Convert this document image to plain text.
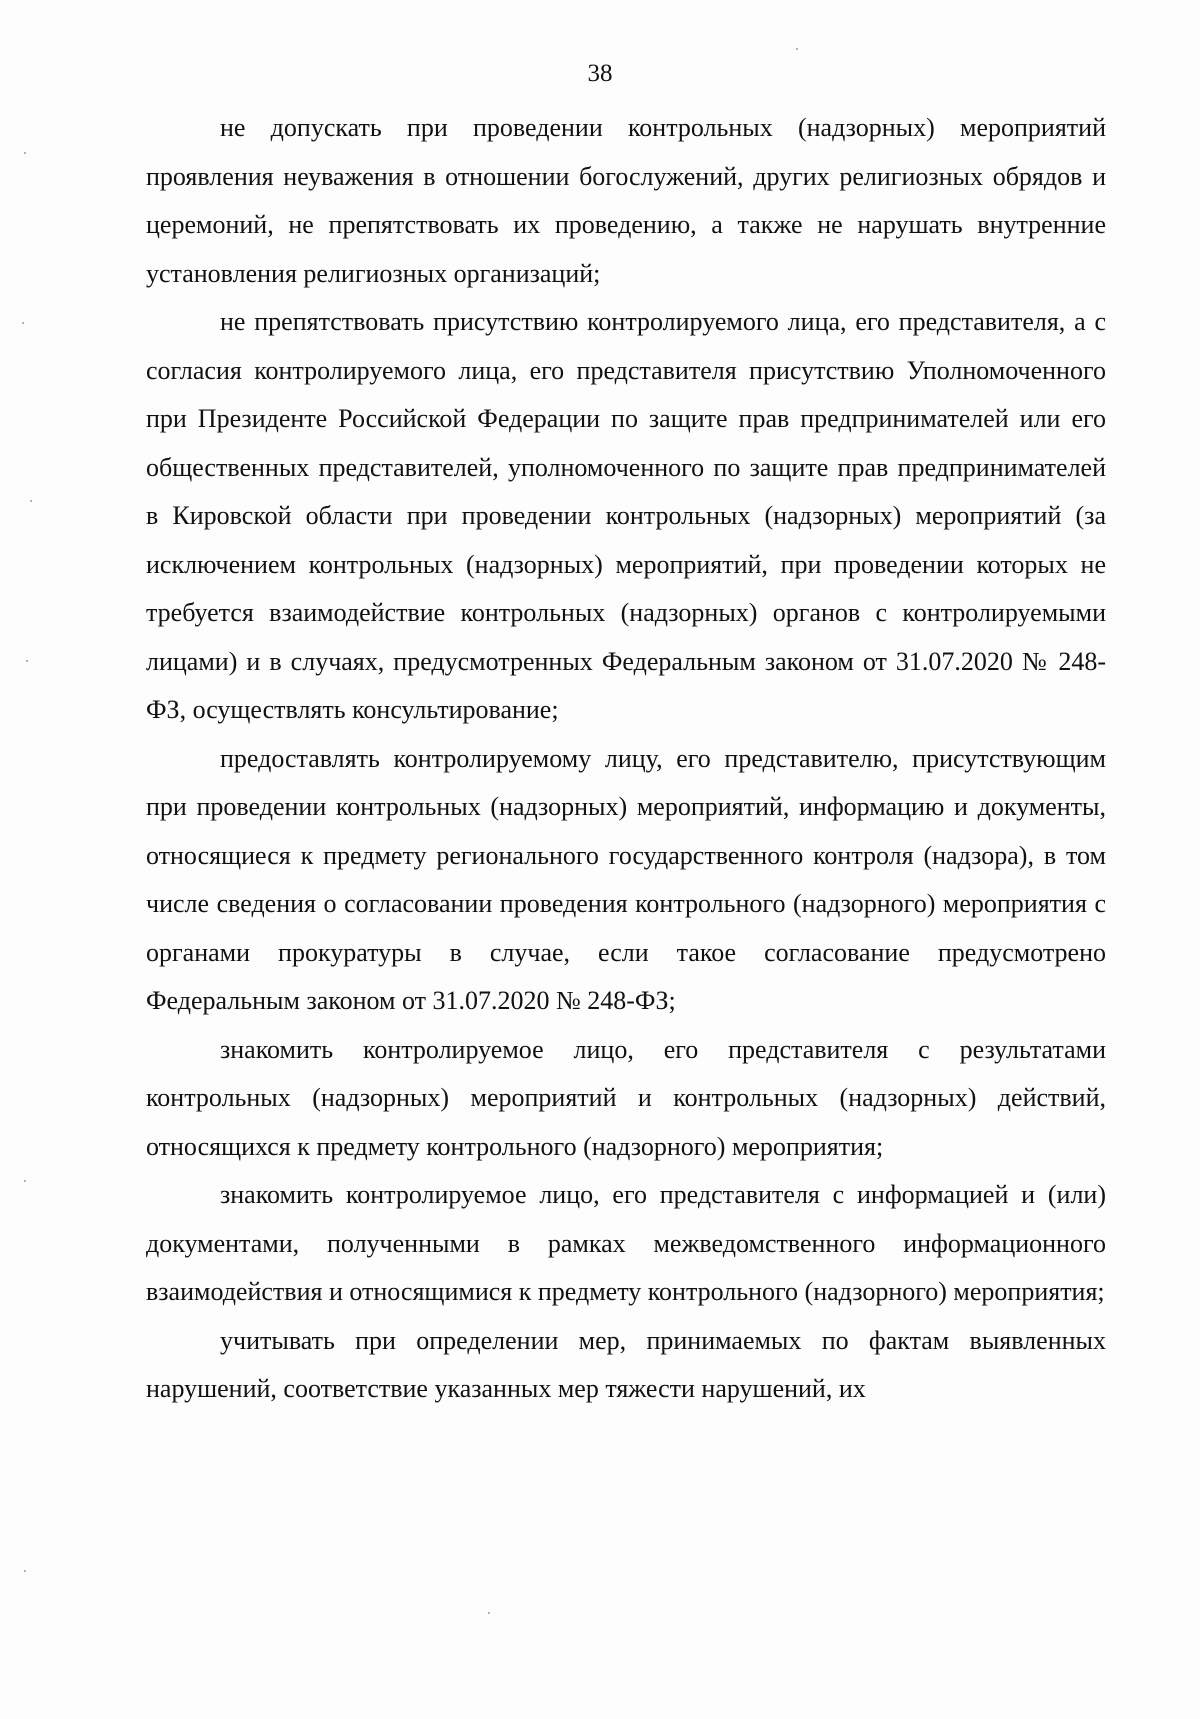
38

не допускать при проведении контрольных (надзорных) мероприятий проявления неуважения в отношении богослужений, других религиозных обрядов и церемоний, не препятствовать их проведению, а также не нарушать внутренние установления религиозных организаций;

не препятствовать присутствию контролируемого лица, его представителя, а с согласия контролируемого лица, его представителя присутствию Уполномоченного при Президенте Российской Федерации по защите прав предпринимателей или его общественных представителей, уполномоченного по защите прав предпринимателей в Кировской области при проведении контрольных (надзорных) мероприятий (за исключением контрольных (надзорных) мероприятий, при проведении которых не требуется взаимодействие контрольных (надзорных) органов с контролируемыми лицами) и в случаях, предусмотренных Федеральным законом от 31.07.2020 № 248-ФЗ, осуществлять консультирование;

предоставлять контролируемому лицу, его представителю, присутствующим при проведении контрольных (надзорных) мероприятий, информацию и документы, относящиеся к предмету регионального государственного контроля (надзора), в том числе сведения о согласовании проведения контрольного (надзорного) мероприятия с органами прокуратуры в случае, если такое согласование предусмотрено Федеральным законом от 31.07.2020 № 248-ФЗ;

знакомить контролируемое лицо, его представителя с результатами контрольных (надзорных) мероприятий и контрольных (надзорных) действий, относящихся к предмету контрольного (надзорного) мероприятия;

знакомить контролируемое лицо, его представителя с информацией и (или) документами, полученными в рамках межведомственного информационного взаимодействия и относящимися к предмету контрольного (надзорного) мероприятия;

учитывать при определении мер, принимаемых по фактам выявленных нарушений, соответствие указанных мер тяжести нарушений, их
